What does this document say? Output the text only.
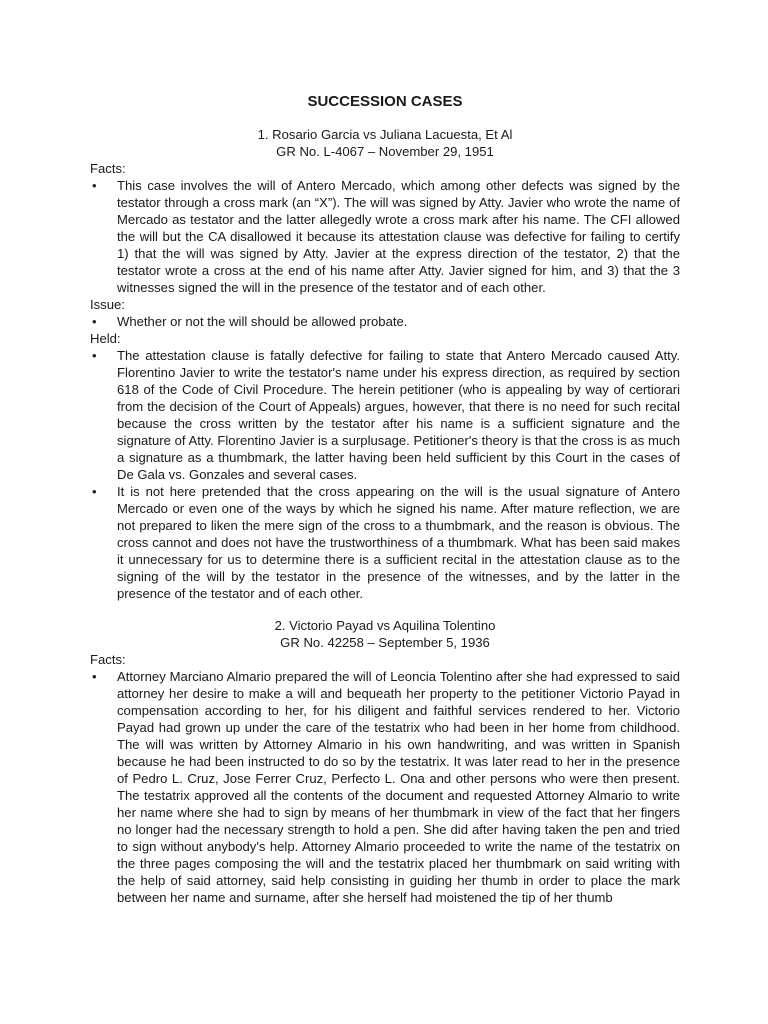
SUCCESSION CASES
1. Rosario Garcia vs Juliana Lacuesta, Et Al
GR No. L-4067 – November 29, 1951
Facts:
• This case involves the will of Antero Mercado, which among other defects was signed by the testator through a cross mark (an “X”). The will was signed by Atty. Javier who wrote the name of Mercado as testator and the latter allegedly wrote a cross mark after his name. The CFI allowed the will but the CA disallowed it because its attestation clause was defective for failing to certify 1) that the will was signed by Atty. Javier at the express direction of the testator, 2) that the testator wrote a cross at the end of his name after Atty. Javier signed for him, and 3) that the 3 witnesses signed the will in the presence of the testator and of each other.
Issue:
• Whether or not the will should be allowed probate.
Held:
• The attestation clause is fatally defective for failing to state that Antero Mercado caused Atty. Florentino Javier to write the testator's name under his express direction, as required by section 618 of the Code of Civil Procedure. The herein petitioner (who is appealing by way of certiorari from the decision of the Court of Appeals) argues, however, that there is no need for such recital because the cross written by the testator after his name is a sufficient signature and the signature of Atty. Florentino Javier is a surplusage. Petitioner's theory is that the cross is as much a signature as a thumbmark, the latter having been held sufficient by this Court in the cases of De Gala vs. Gonzales and several cases.
• It is not here pretended that the cross appearing on the will is the usual signature of Antero Mercado or even one of the ways by which he signed his name. After mature reflection, we are not prepared to liken the mere sign of the cross to a thumbmark, and the reason is obvious. The cross cannot and does not have the trustworthiness of a thumbmark. What has been said makes it unnecessary for us to determine there is a sufficient recital in the attestation clause as to the signing of the will by the testator in the presence of the witnesses, and by the latter in the presence of the testator and of each other.
2. Victorio Payad vs Aquilina Tolentino
GR No. 42258 – September 5, 1936
Facts:
• Attorney Marciano Almario prepared the will of Leoncia Tolentino after she had expressed to said attorney her desire to make a will and bequeath her property to the petitioner Victorio Payad in compensation according to her, for his diligent and faithful services rendered to her. Victorio Payad had grown up under the care of the testatrix who had been in her home from childhood. The will was written by Attorney Almario in his own handwriting, and was written in Spanish because he had been instructed to do so by the testatrix. It was later read to her in the presence of Pedro L. Cruz, Jose Ferrer Cruz, Perfecto L. Ona and other persons who were then present. The testatrix approved all the contents of the document and requested Attorney Almario to write her name where she had to sign by means of her thumbmark in view of the fact that her fingers no longer had the necessary strength to hold a pen. She did after having taken the pen and tried to sign without anybody's help. Attorney Almario proceeded to write the name of the testatrix on the three pages composing the will and the testatrix placed her thumbmark on said writing with the help of said attorney, said help consisting in guiding her thumb in order to place the mark between her name and surname, after she herself had moistened the tip of her thumb
